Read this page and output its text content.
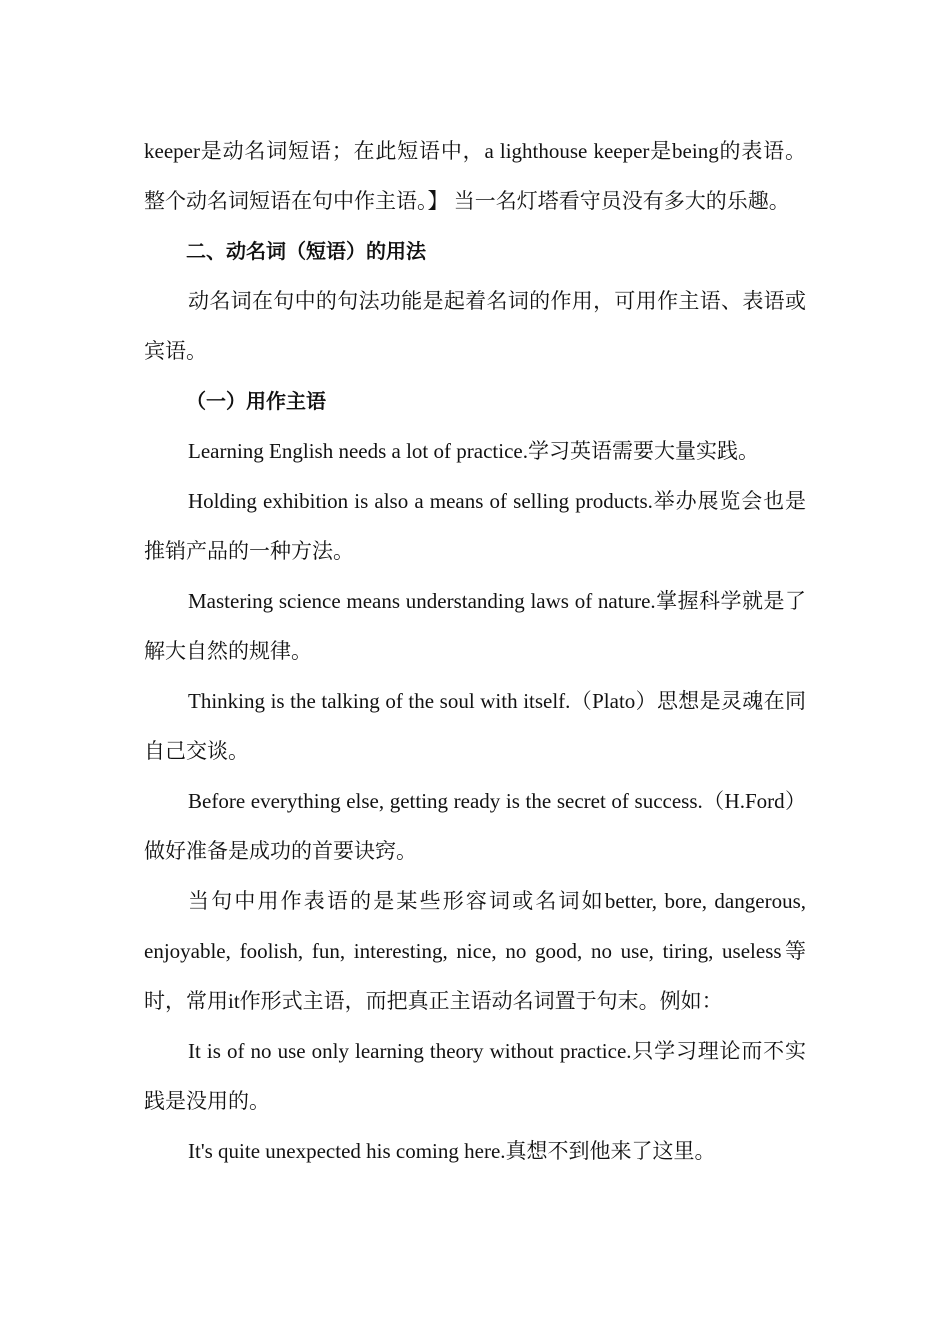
keeper是动名词短语；在此短语中，a lighthouse keeper是being的表语。整个动名词短语在句中作主语。】 当一名灯塔看守员没有多大的乐趣。

二、动名词（短语）的用法

动名词在句中的句法功能是起着名词的作用，可用作主语、表语或宾语。

（一）用作主语

Learning English needs a lot of practice.学习英语需要大量实践。

Holding exhibition is also a means of selling products.举办展览会也是推销产品的一种方法。

Mastering science means understanding laws of nature.掌握科学就是了解大自然的规律。

Thinking is the talking of the soul with itself.（Plato）思想是灵魂在同自己交谈。

Before everything else, getting ready is the secret of success.（H.Ford）做好准备是成功的首要诀窍。

当句中用作表语的是某些形容词或名词如better, bore, dangerous, enjoyable, foolish, fun, interesting, nice, no good, no use, tiring, useless等时，常用it作形式主语，而把真正主语动名词置于句末。例如：

It is of no use only learning theory without practice.只学习理论而不实践是没用的。

It's quite unexpected his coming here.真想不到他来了这里。
